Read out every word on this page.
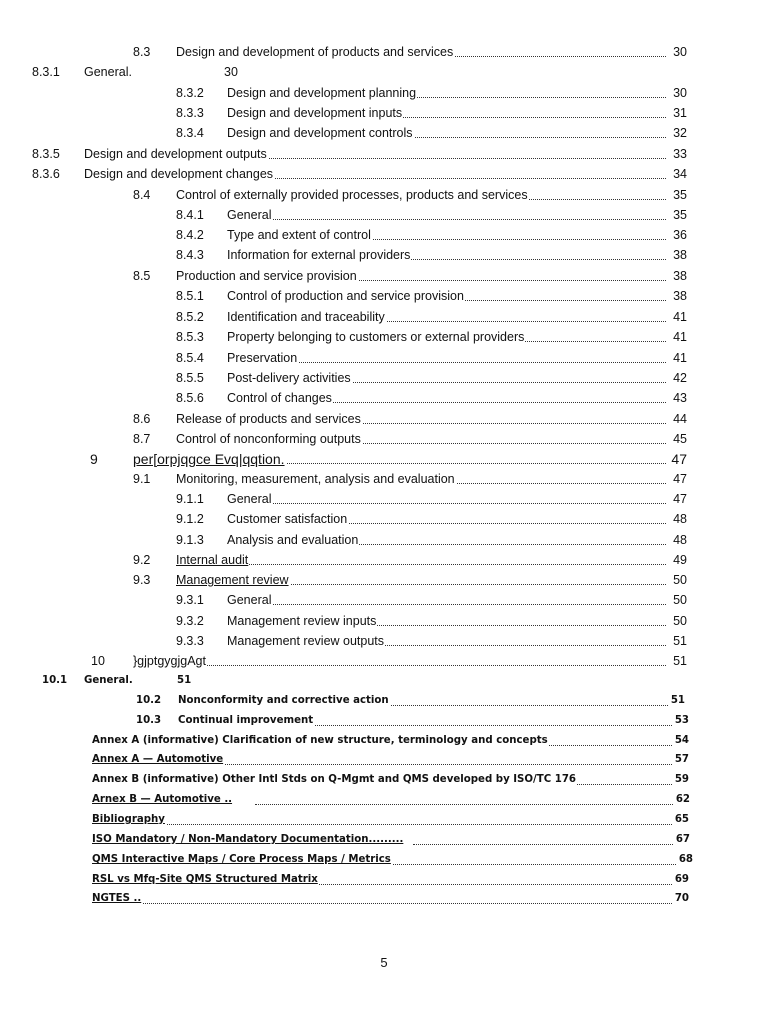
8.3 Design and development of products and services	30
8.3.1 General.	30
8.3.2 Design and development planning	30
8.3.3 Design and development inputs	31
8.3.4 Design and development controls	32
8.3.5 Design and development outputs	33
8.3.6 Design and development changes	34
8.4 Control of externally provided processes, products and services	35
8.4.1 General	35
8.4.2 Type and extent of control	36
8.4.3 Information for external providers	38
8.5 Production and service provision	38
8.5.1 Control of production and service provision	38
8.5.2 Identification and traceability	41
8.5.3 Property belonging to customers or external providers	41
8.5.4 Preservation	41
8.5.5 Post-delivery activities	42
8.5.6 Control of changes	43
8.6 Release of products and services	44
8.7 Control of nonconforming outputs	45
9	per[orpjqgce Evq|qqtion.	47
9.1 Monitoring, measurement, analysis and evaluation	47
9.1.1 General	47
9.1.2 Customer satisfaction	48
9.1.3 Analysis and evaluation	48
9.2 Internal audit	49
9.3 Management review	50
9.3.1 General	50
9.3.2 Management review inputs	50
9.3.3 Management review outputs	51
10 }gjptgygjgAgt	51
10.1 General.	51
10.2 Nonconformity and corrective action	51
10.3 Continual improvement	53
Annex A (informative) Clarification of new structure, terminology and concepts	54
Annex A — Automotive	57
Annex B (informative) Other Intl Stds on Q-Mgmt and QMS developed by ISO/TC 176	59
Arnex B — Automotive ..	62
Bibliography	65
ISO Mandatory / Non-Mandatory Documentation.........	67
QMS Interactive Maps / Core Process Maps / Metrics	68
RSL vs Mfq-Site QMS Structured Matrix	69
NGTES ..	70
5
